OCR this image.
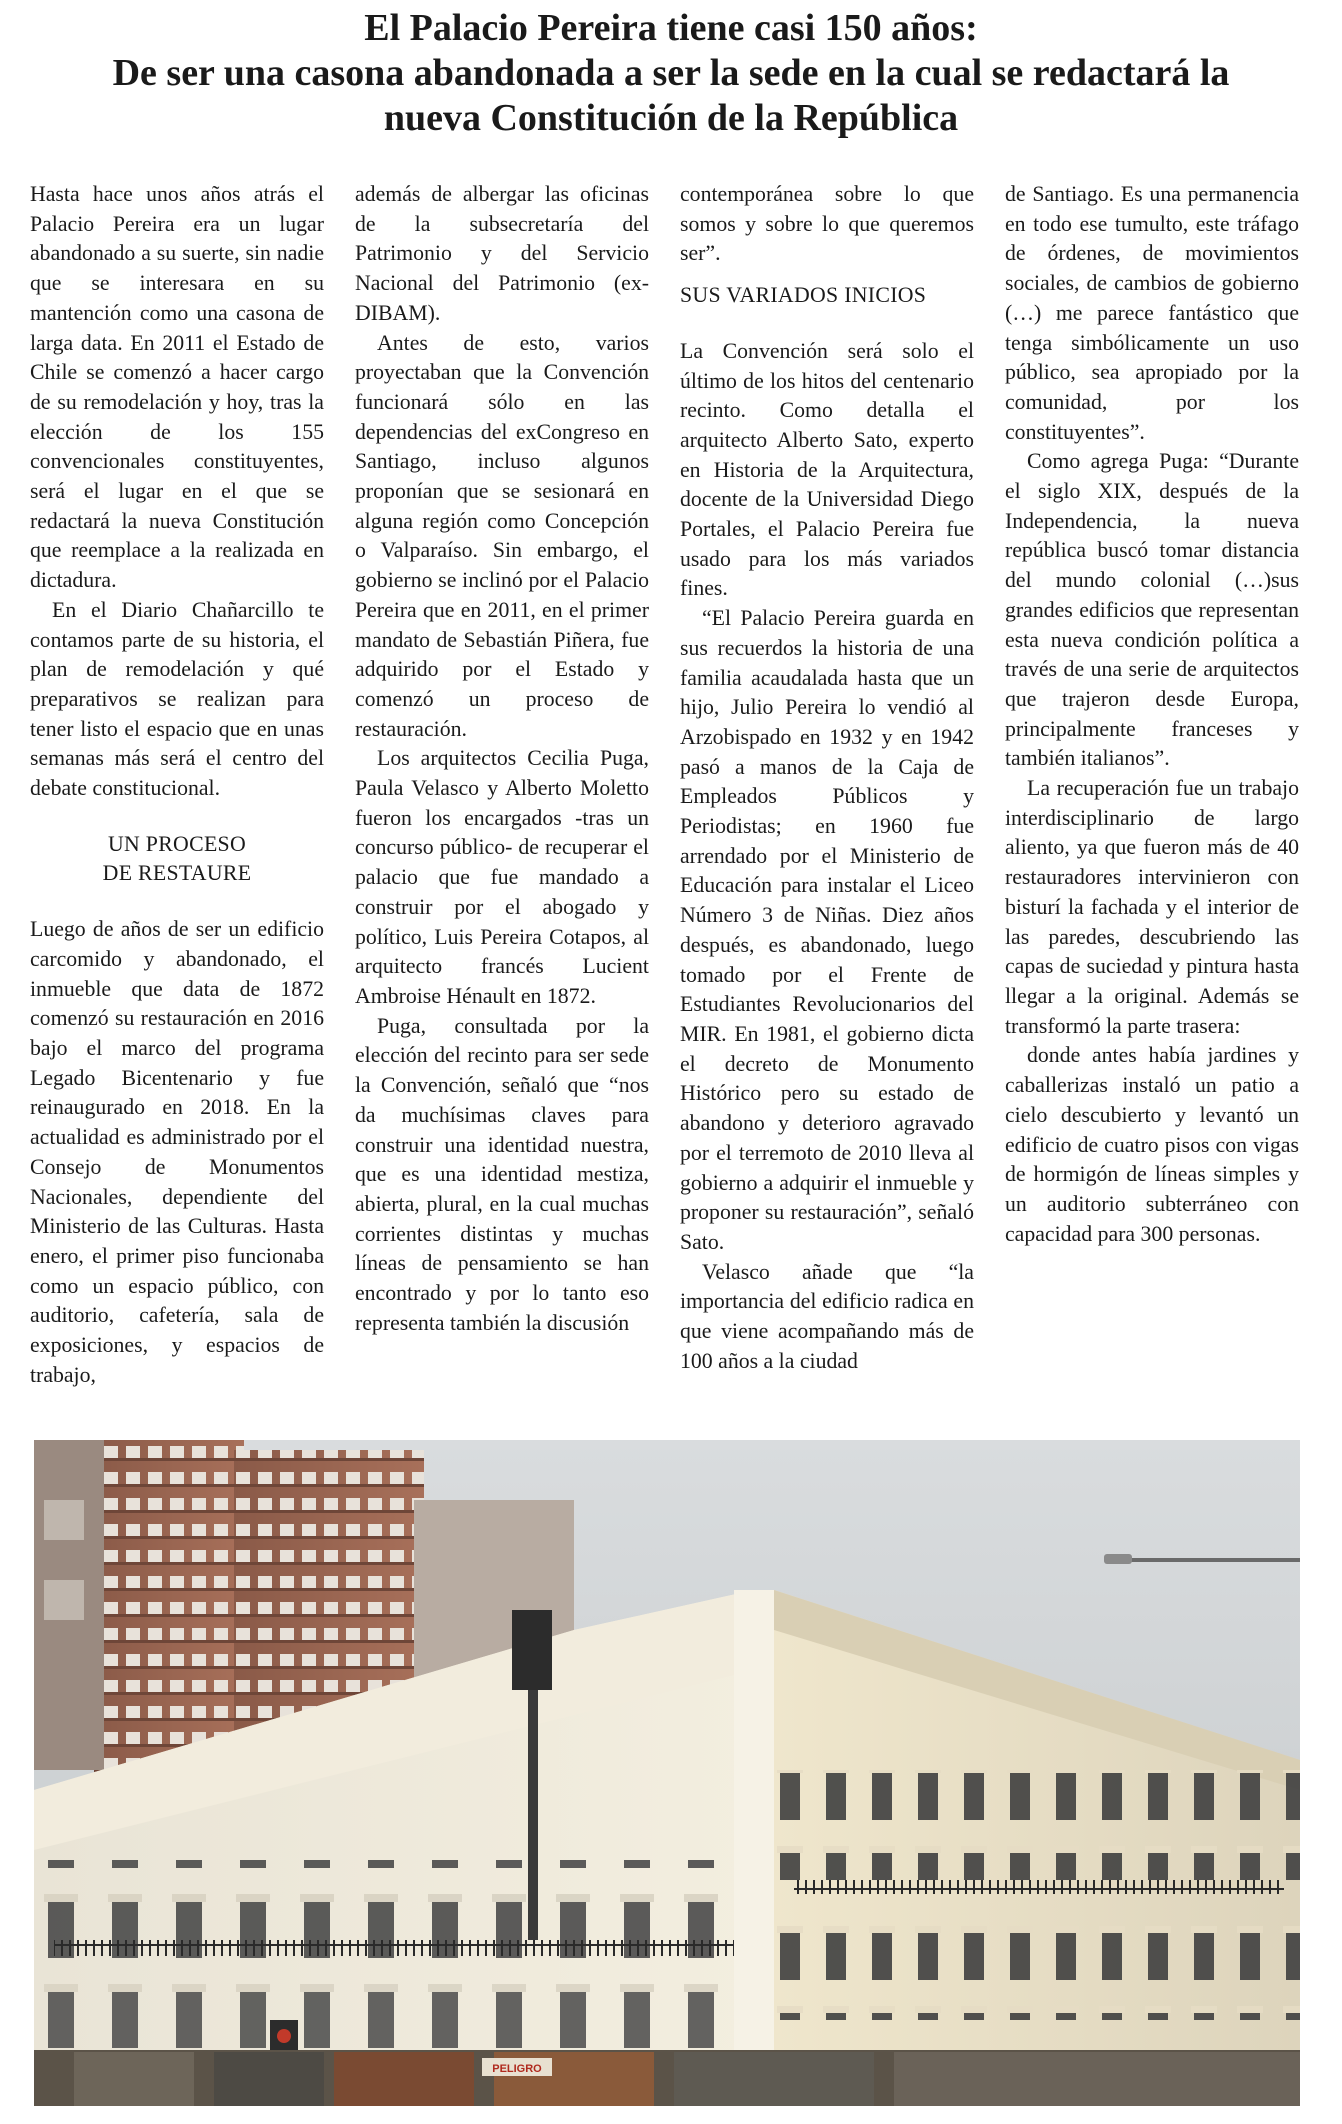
El Palacio Pereira tiene casi 150 años:
De ser una casona abandonada a ser la sede en la cual se redactará la
nueva Constitución de la República

Hasta hace unos años atrás el Palacio Pereira era un lugar abandonado a su suerte, sin nadie que se interesara en su mantención como una casona de larga data. En 2011 el Estado de Chile se comenzó a hacer cargo de su remodelación y hoy, tras la elección de los 155 convencionales constituyentes, será el lugar en el que se redactará la nueva Constitución que reemplace a la realizada en dictadura.

En el Diario Chañarcillo te contamos parte de su historia, el plan de remodelación y qué preparativos se realizan para tener listo el espacio que en unas semanas más será el centro del debate constitucional.

UN PROCESO
DE RESTAURE

Luego de años de ser un edificio carcomido y abandonado, el inmueble que data de 1872 comenzó su restauración en 2016 bajo el marco del programa Legado Bicentenario y fue reinaugurado en 2018. En la actualidad es administrado por el Consejo de Monumentos Nacionales, dependiente del Ministerio de las Culturas. Hasta enero, el primer piso funcionaba como un espacio público, con auditorio, cafetería, sala de exposiciones, y espacios de trabajo,

además de albergar las oficinas de la subsecretaría del Patrimonio y del Servicio Nacional del Patrimonio (ex-DIBAM).

Antes de esto, varios proyectaban que la Convención funcionará sólo en las dependencias del exCongreso en Santiago, incluso algunos proponían que se sesionará en alguna región como Concepción o Valparaíso. Sin embargo, el gobierno se inclinó por el Palacio Pereira que en 2011, en el primer mandato de Sebastián Piñera, fue adquirido por el Estado y comenzó un proceso de restauración.

Los arquitectos Cecilia Puga, Paula Velasco y Alberto Moletto fueron los encargados -tras un concurso público- de recuperar el palacio que fue mandado a construir por el abogado y político, Luis Pereira Cotapos, al arquitecto francés Lucient Ambroise Hénault en 1872.

Puga, consultada por la elección del recinto para ser sede la Convención, señaló que “nos da muchísimas claves para construir una identidad nuestra, que es una identidad mestiza, abierta, plural, en la cual muchas corrientes distintas y muchas líneas de pensamiento se han encontrado y por lo tanto eso representa también la discusión

contemporánea sobre lo que somos y sobre lo que queremos ser”.

SUS VARIADOS INICIOS

La Convención será solo el último de los hitos del centenario recinto. Como detalla el arquitecto Alberto Sato, experto en Historia de la Arquitectura, docente de la Universidad Diego Portales, el Palacio Pereira fue usado para los más variados fines.

“El Palacio Pereira guarda en sus recuerdos la historia de una familia acaudalada hasta que un hijo, Julio Pereira lo vendió al Arzobispado en 1932 y en 1942 pasó a manos de la Caja de Empleados Públicos y Periodistas; en 1960 fue arrendado por el Ministerio de Educación para instalar el Liceo Número 3 de Niñas. Diez años después, es abandonado, luego tomado por el Frente de Estudiantes Revolucionarios del MIR. En 1981, el gobierno dicta el decreto de Monumento Histórico pero su estado de abandono y deterioro agravado por el terremoto de 2010 lleva al gobierno a adquirir el inmueble y proponer su restauración”, señaló Sato.

Velasco añade que “la importancia del edificio radica en que viene acompañando más de 100 años a la ciudad

de Santiago. Es una permanencia en todo ese tumulto, este tráfago de órdenes, de movimientos sociales, de cambios de gobierno (…) me parece fantástico que tenga simbólicamente un uso público, sea apropiado por la comunidad, por los constituyentes”.

Como agrega Puga: “Durante el siglo XIX, después de la Independencia, la nueva república buscó tomar distancia del mundo colonial (…)sus grandes edificios que representan esta nueva condición política a través de una serie de arquitectos que trajeron desde Europa, principalmente franceses y también italianos”.

La recuperación fue un trabajo interdisciplinario de largo aliento, ya que fueron más de 40 restauradores intervinieron con bisturí la fachada y el interior de las paredes, descubriendo las capas de suciedad y pintura hasta llegar a la original. Además se transformó la parte trasera:

donde antes había jardines y caballerizas instaló un patio a cielo descubierto y levantó un edificio de cuatro pisos con vigas de hormigón de líneas simples y un auditorio subterráneo con capacidad para 300 personas.

PELIGRO
